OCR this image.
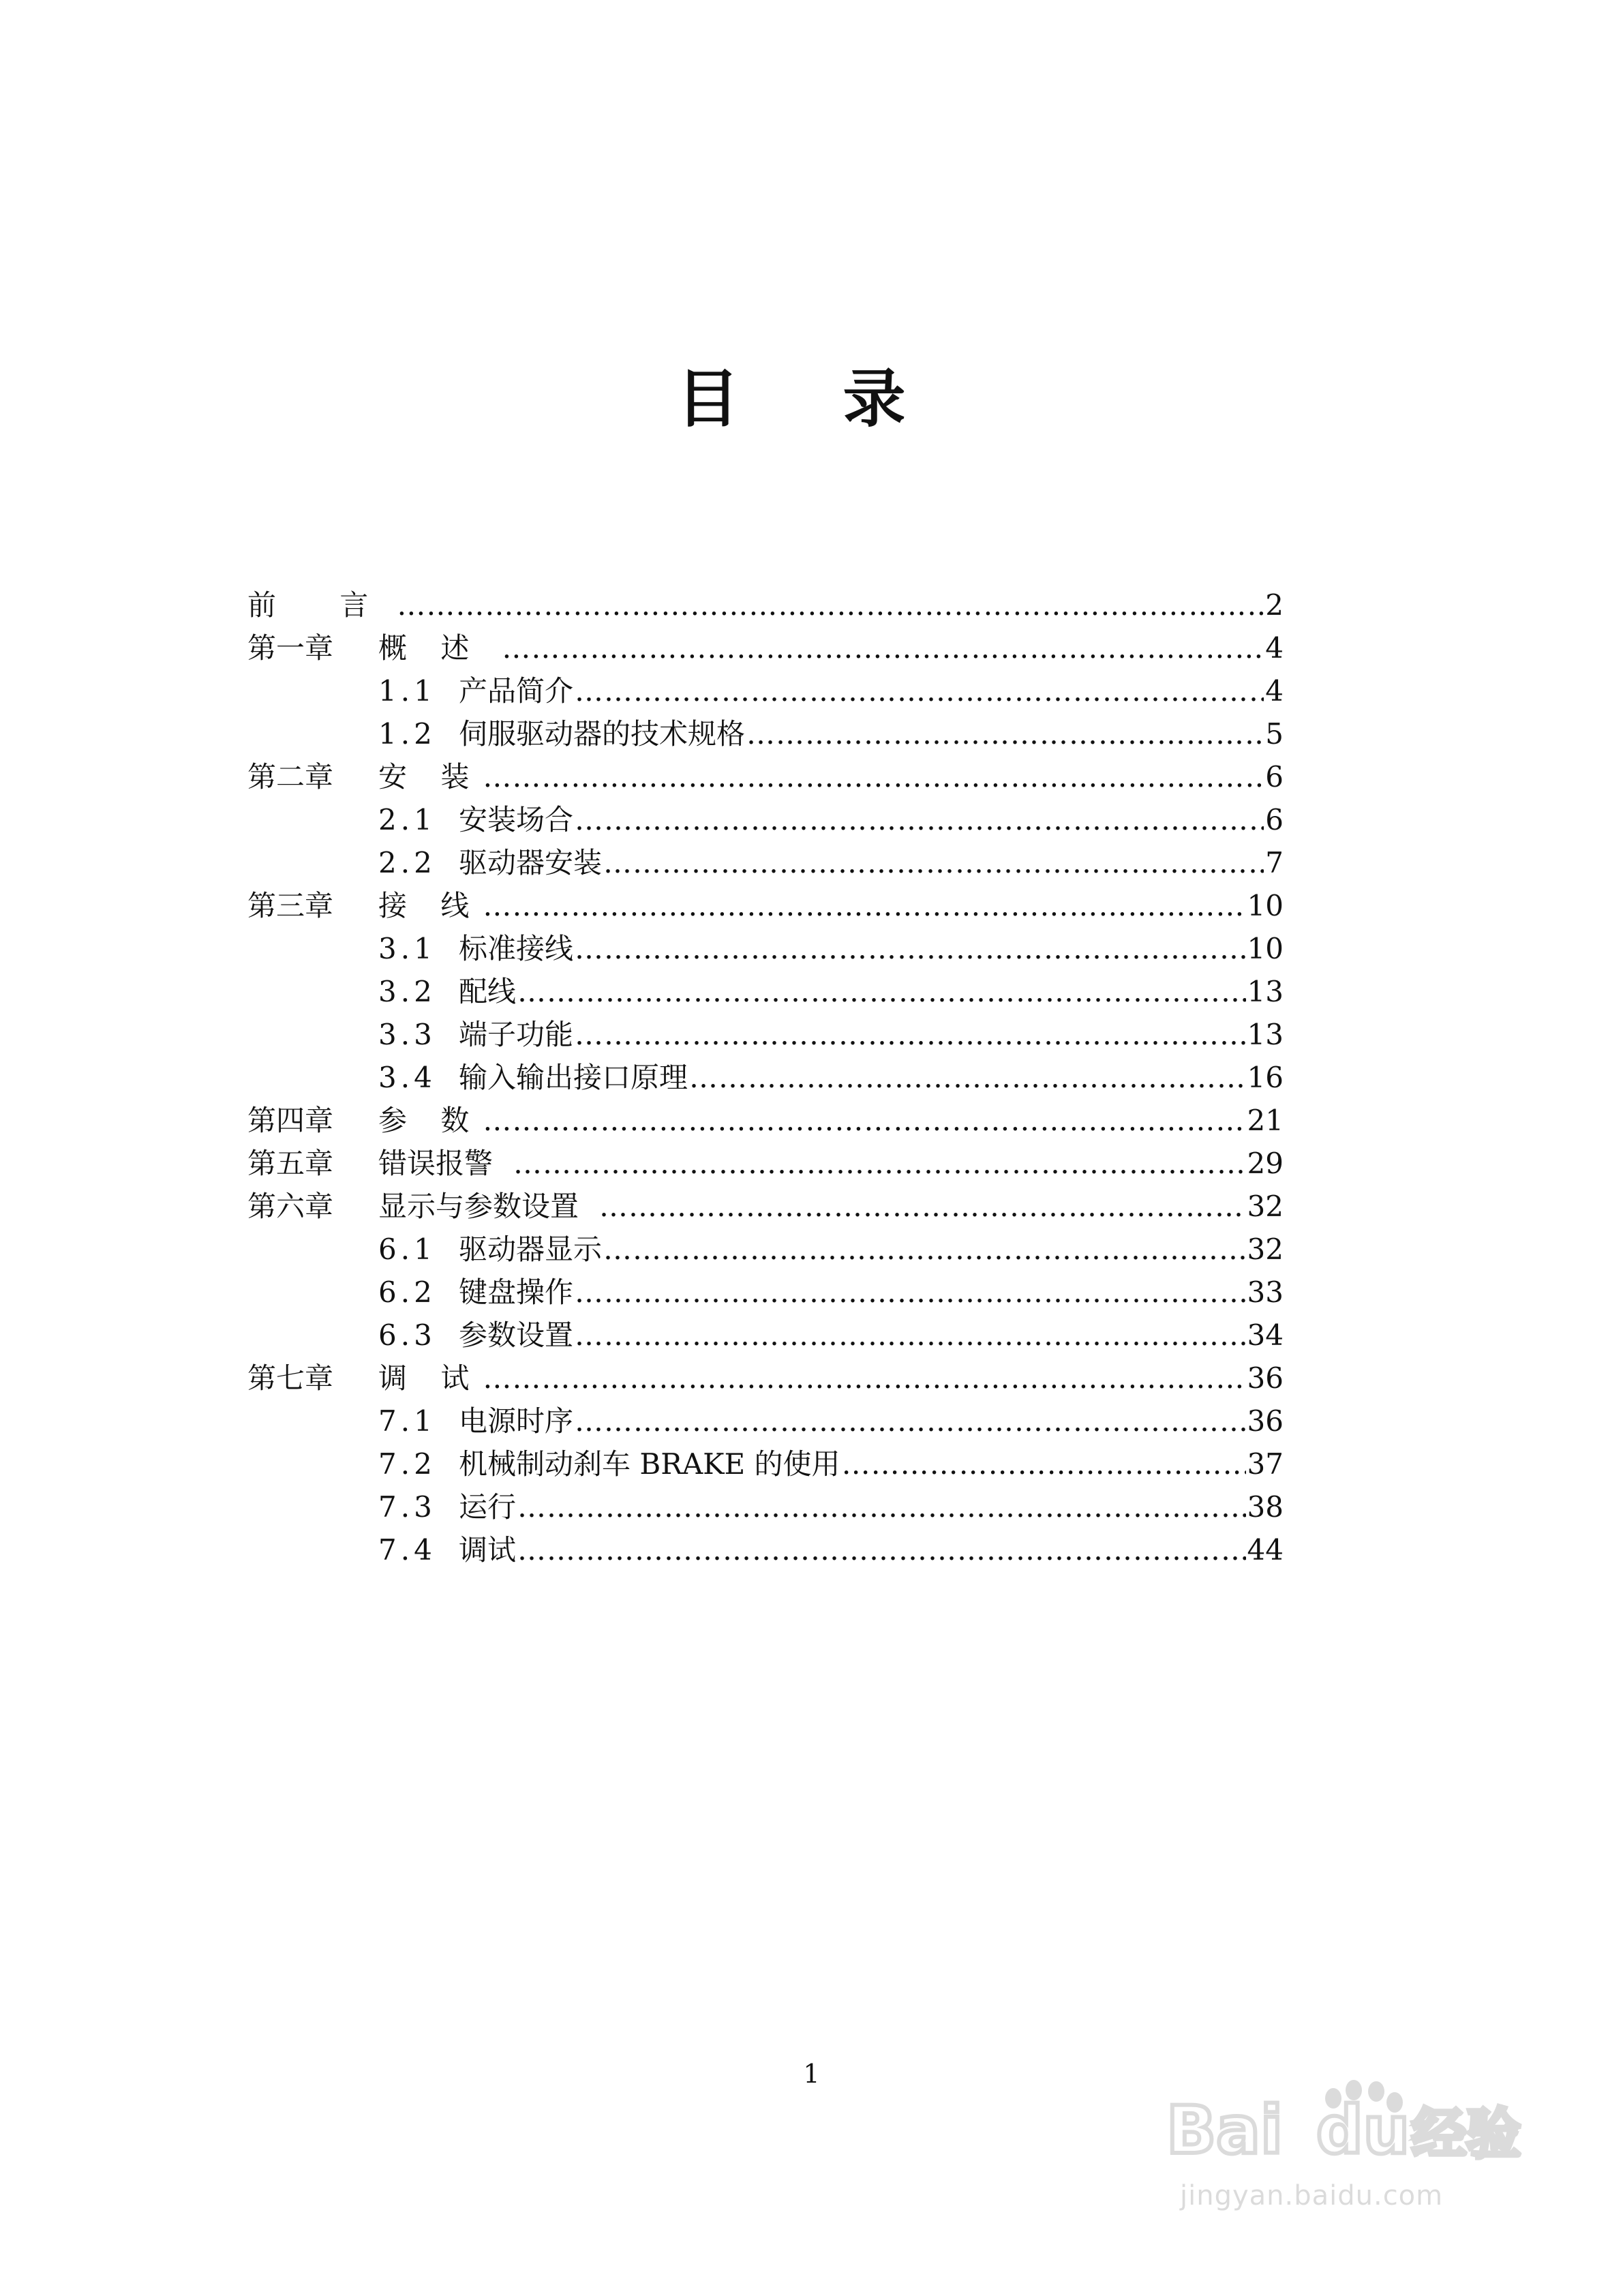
目 录
前 言 …………………………………………………………………………………………………………………………………………………………………………………………………………………………………………………………………………………………………………	2
第一章	概 述 …………………………………………………………………………………………………………………………………………………………………………………………………………………………………………………………………………………………………………	4
1.1 产品简介 …………………………………………………………………………………………………………………………………………………………………………………………………………………………………………………………………………………………………………	4
1.2 伺服驱动器的技术规格 …………………………………………………………………………………………………………………………………………………………………………………………………………………………………………………………………………………………………………	5
第二章	安 装 …………………………………………………………………………………………………………………………………………………………………………………………………………………………………………………………………………………………………………	6
2.1 安装场合 …………………………………………………………………………………………………………………………………………………………………………………………………………………………………………………………………………………………………………	6
2.2 驱动器安装 …………………………………………………………………………………………………………………………………………………………………………………………………………………………………………………………………………………………………………	7
第三章	接 线 …………………………………………………………………………………………………………………………………………………………………………………………………………………………………………………………………………………………………………	10
3.1 标准接线 …………………………………………………………………………………………………………………………………………………………………………………………………………………………………………………………………………………………………………	10
3.2 配线 …………………………………………………………………………………………………………………………………………………………………………………………………………………………………………………………………………………………………………	13
3.3 端子功能 …………………………………………………………………………………………………………………………………………………………………………………………………………………………………………………………………………………………………………	13
3.4 输入输出接口原理 …………………………………………………………………………………………………………………………………………………………………………………………………………………………………………………………………………………………………………	16
第四章	参 数 …………………………………………………………………………………………………………………………………………………………………………………………………………………………………………………………………………………………………………	21
第五章	错误报警 …………………………………………………………………………………………………………………………………………………………………………………………………………………………………………………………………………………………………………	29
第六章	显示与参数设置 …………………………………………………………………………………………………………………………………………………………………………………………………………………………………………………………………………………………………………	32
6.1 驱动器显示 …………………………………………………………………………………………………………………………………………………………………………………………………………………………………………………………………………………………………………	32
6.2 键盘操作 …………………………………………………………………………………………………………………………………………………………………………………………………………………………………………………………………………………………………………	33
6.3 参数设置 …………………………………………………………………………………………………………………………………………………………………………………………………………………………………………………………………………………………………………	34
第七章	调 试 …………………………………………………………………………………………………………………………………………………………………………………………………………………………………………………………………………………………………………	36
7.1 电源时序 …………………………………………………………………………………………………………………………………………………………………………………………………………………………………………………………………………………………………………	36
7.2 机械制动刹车 BRAKE 的使用 …………………………………………………………………………………………………………………………………………………………………………………………………………………………………………………………………………………………………………	37
7.3 运行 …………………………………………………………………………………………………………………………………………………………………………………………………………………………………………………………………………………………………………	38
7.4 调试 …………………………………………………………………………………………………………………………………………………………………………………………………………………………………………………………………………………………………………	44
1
Bai du 经验
jingyan.baidu.com
